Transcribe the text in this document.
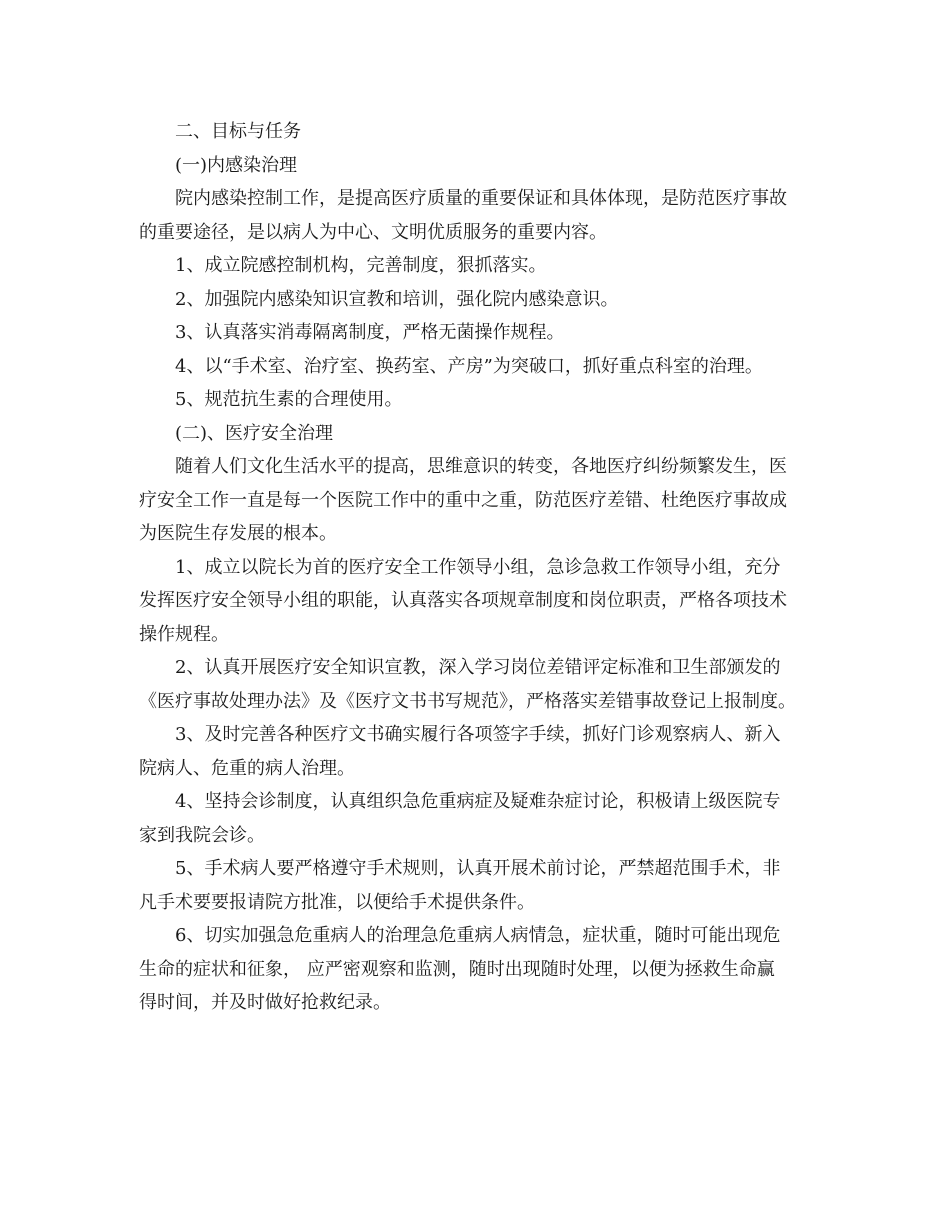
二、目标与任务
(一)内感染治理
院内感染控制工作，是提高医疗质量的重要保证和具体体现，是防范医疗事故
的重要途径，是以病人为中心、文明优质服务的重要内容。
1、成立院感控制机构，完善制度，狠抓落实。
2、加强院内感染知识宣教和培训，强化院内感染意识。
3、认真落实消毒隔离制度，严格无菌操作规程。
4、以“手术室、治疗室、换药室、产房”为突破口，抓好重点科室的治理。
5、规范抗生素的合理使用。
(二)、医疗安全治理
随着人们文化生活水平的提高，思维意识的转变，各地医疗纠纷频繁发生，医
疗安全工作一直是每一个医院工作中的重中之重，防范医疗差错、杜绝医疗事故成
为医院生存发展的根本。
1、成立以院长为首的医疗安全工作领导小组，急诊急救工作领导小组，充分
发挥医疗安全领导小组的职能，认真落实各项规章制度和岗位职责，严格各项技术
操作规程。
2、认真开展医疗安全知识宣教，深入学习岗位差错评定标准和卫生部颁发的
《医疗事故处理办法》及《医疗文书书写规范》，严格落实差错事故登记上报制度。
3、及时完善各种医疗文书确实履行各项签字手续，抓好门诊观察病人、新入
院病人、危重的病人治理。
4、坚持会诊制度，认真组织急危重病症及疑难杂症讨论，积极请上级医院专
家到我院会诊。
5、手术病人要严格遵守手术规则，认真开展术前讨论，严禁超范围手术，非
凡手术要要报请院方批准，以便给手术提供条件。
6、切实加强急危重病人的治理急危重病人病情急，症状重，随时可能出现危
生命的症状和征象， 应严密观察和监测，随时出现随时处理，以便为拯救生命赢
得时间，并及时做好抢救纪录。
